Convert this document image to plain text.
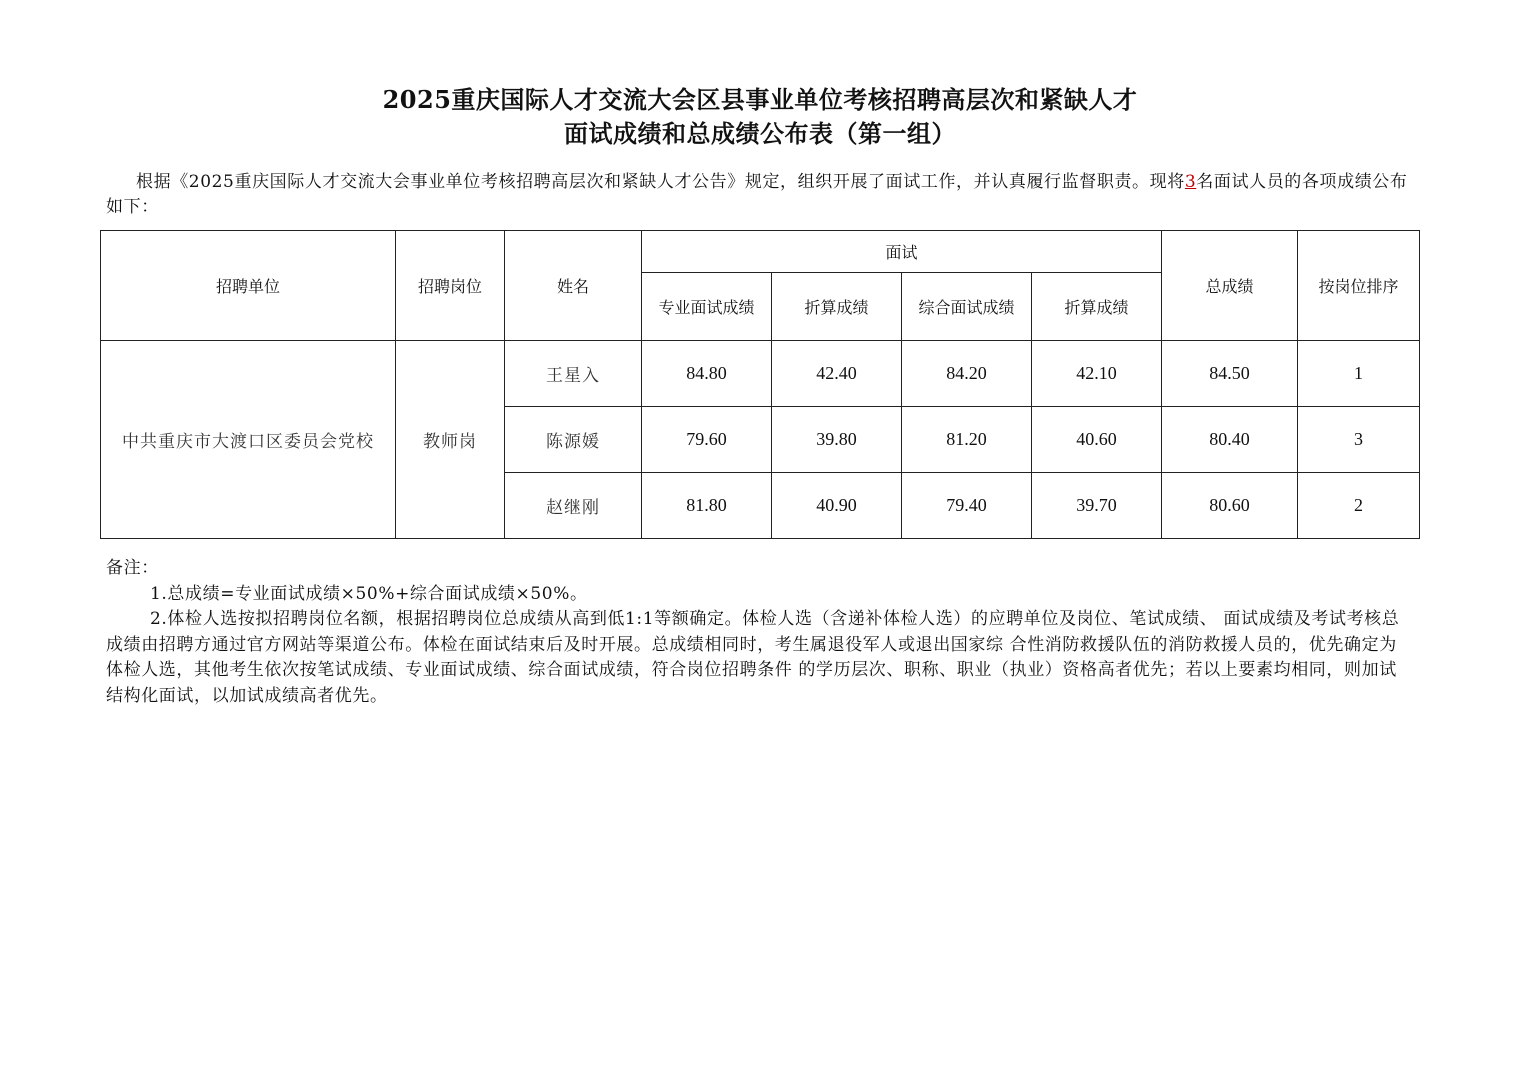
2025重庆国际人才交流大会区县事业单位考核招聘高层次和紧缺人才
面试成绩和总成绩公布表（第一组）
根据《2025重庆国际人才交流大会事业单位考核招聘高层次和紧缺人才公告》规定，组织开展了面试工作，并认真履行监督职责。现将3名面试人员的各项成绩公布如下：
招聘单位	招聘岗位	姓名	面试				总成绩	按岗位排序
			专业面试成绩	折算成绩	综合面试成绩	折算成绩		
中共重庆市大渡口区委员会党校	教师岗	王星入	84.80	42.40	84.20	42.10	84.50	1
		陈源媛	79.60	39.80	81.20	40.60	80.40	3
		赵继刚	81.80	40.90	79.40	39.70	80.60	2

备注：

1.总成绩=专业面试成绩×50%+综合面试成绩×50%。

2.体检人选按拟招聘岗位名额，根据招聘岗位总成绩从高到低1:1等额确定。体检人选（含递补体检人选）的应聘单位及岗位、笔试成绩、 面试成绩及考试考核总成绩由招聘方通过官方网站等渠道公布。体检在面试结束后及时开展。总成绩相同时，考生属退役军人或退出国家综 合性消防救援队伍的消防救援人员的，优先确定为体检人选，其他考生依次按笔试成绩、专业面试成绩、综合面试成绩，符合岗位招聘条件 的学历层次、职称、职业（执业）资格高者优先；若以上要素均相同，则加试结构化面试，以加试成绩高者优先。
